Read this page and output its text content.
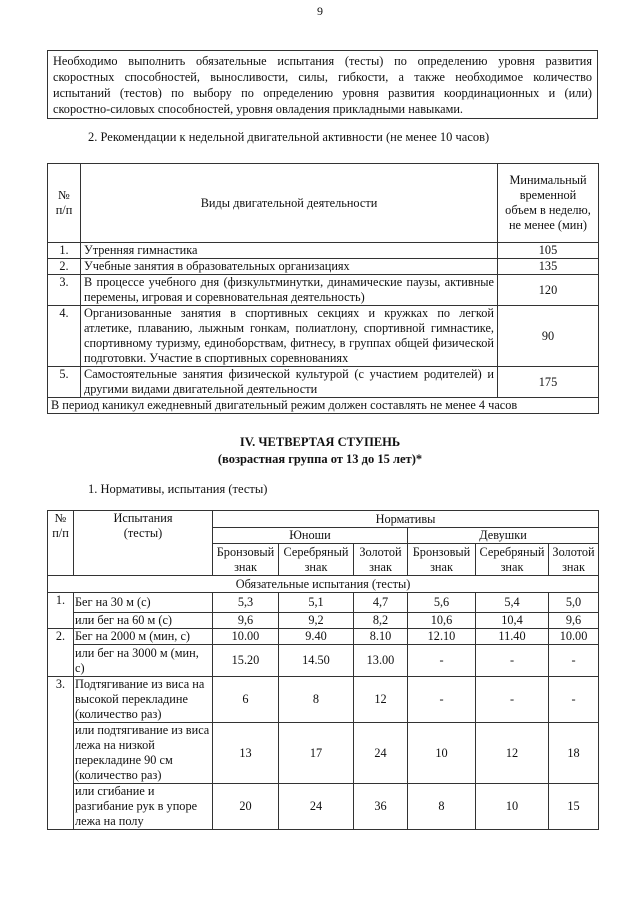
9
Необходимо выполнить обязательные испытания (тесты) по определению уровня развития
скоростных способностей, выносливости, силы, гибкости, а также необходимое количество
испытаний (тестов) по выбору по определению уровня развития координационных и (или)
скоростно-силовых способностей, уровня овладения прикладными навыками.
2. Рекомендации к недельной двигательной активности (не менее 10 часов)
№ п/п	Виды двигательной деятельности	Минимальный временной объем в неделю, не менее (мин)
1.	Утренняя гимнастика	105
2.	Учебные занятия в образовательных организациях	135
3.	В процессе учебного дня (физкультминутки, динамические паузы, активные перемены, игровая и соревновательная деятельность)	120
4.	Организованные занятия в спортивных секциях и кружках по легкой атлетике, плаванию, лыжным гонкам, полиатлону, спортивной гимнастике, спортивному туризму, единоборствам, фитнесу, в группах общей физической подготовки. Участие в спортивных соревнованиях	90
5.	Самостоятельные занятия физической культурой (с участием родителей) и другими видами двигательной деятельности	175
В период каникул ежедневный двигательный режим должен составлять не менее 4 часов		
IV. ЧЕТВЕРТАЯ СТУПЕНЬ
(возрастная группа от 13 до 15 лет)*
1. Нормативы, испытания (тесты)
№ п/п	Испытания (тесты)	Нормативы					
		Юноши			Девушки		
		Бронзовый знак	Серебряный знак	Золотой знак	Бронзовый знак	Серебряный знак	Золотой знак
Обязательные испытания (тесты)							
1.	Бег на 30 м (с)	5,3	5,1	4,7	5,6	5,4	5,0
	или бег на 60 м (с)	9,6	9,2	8,2	10,6	10,4	9,6
2.	Бег на 2000 м (мин, с)	10.00	9.40	8.10	12.10	11.40	10.00
	или бег на 3000 м (мин, с)	15.20	14.50	13.00	-	-	-
3.	Подтягивание из виса на высокой перекладине (количество раз)	6	8	12	-	-	-
	или подтягивание из виса лежа на низкой перекладине 90 см (количество раз)	13	17	24	10	12	18
	или сгибание и разгибание рук в упоре лежа на полу	20	24	36	8	10	15
